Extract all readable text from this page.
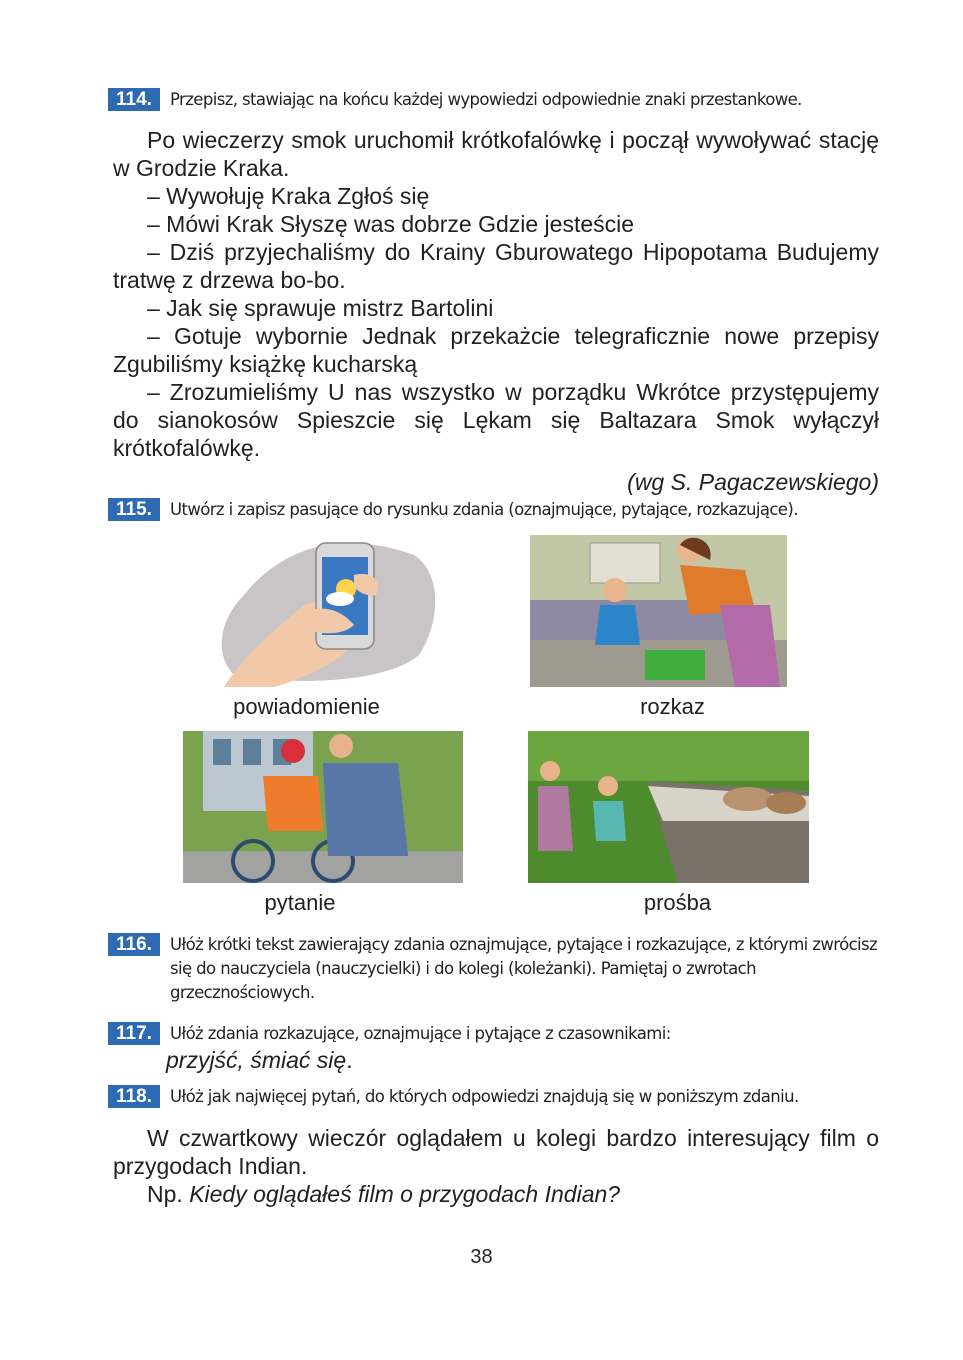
114.	Przepisz, stawiając na końcu każdej wypowiedzi odpowiednie znaki przestankowe.

Po wieczerzy smok uruchomił krótkofalówkę i począł wywoływać stację w Grodzie Kraka.

– Wywołuję Kraka Zgłoś się

– Mówi Krak Słyszę was dobrze Gdzie jesteście

– Dziś przyjechaliśmy do Krainy Gburowatego Hipopotama Budujemy tratwę z drzewa bo-bo.

– Jak się sprawuje mistrz Bartolini

– Gotuje wybornie Jednak przekażcie telegraficznie nowe przepisy Zgubiliśmy książkę kucharską

– Zrozumieliśmy U nas wszystko w porządku Wkrótce przystępujemy do sianokosów Spieszcie się Lękam się Baltazara Smok wyłączył krótkofalówkę.

(wg S. Pagaczewskiego)

115.	Utwórz i zapisz pasujące do rysunku zdania (oznajmujące, pytające, rozkazujące).
powiadomienie	rozkaz
pytanie	prośba
116.	Ułóż krótki tekst zawierający zdania oznajmujące, pytające i rozkazujące, z którymi zwrócisz się do nauczyciela (nauczycielki) i do kolegi (koleżanki). Pamiętaj o zwrotach grzecznościowych.
117.	Ułóż zdania rozkazujące, oznajmujące i pytające z czasownikami:
przyjść, śmiać się.
118.	Ułóż jak najwięcej pytań, do których odpowiedzi znajdują się w poniższym zdaniu.

W czwartkowy wieczór oglądałem u kolegi bardzo interesujący film o przygodach Indian.

Np. Kiedy oglądałeś film o przygodach Indian?

38
